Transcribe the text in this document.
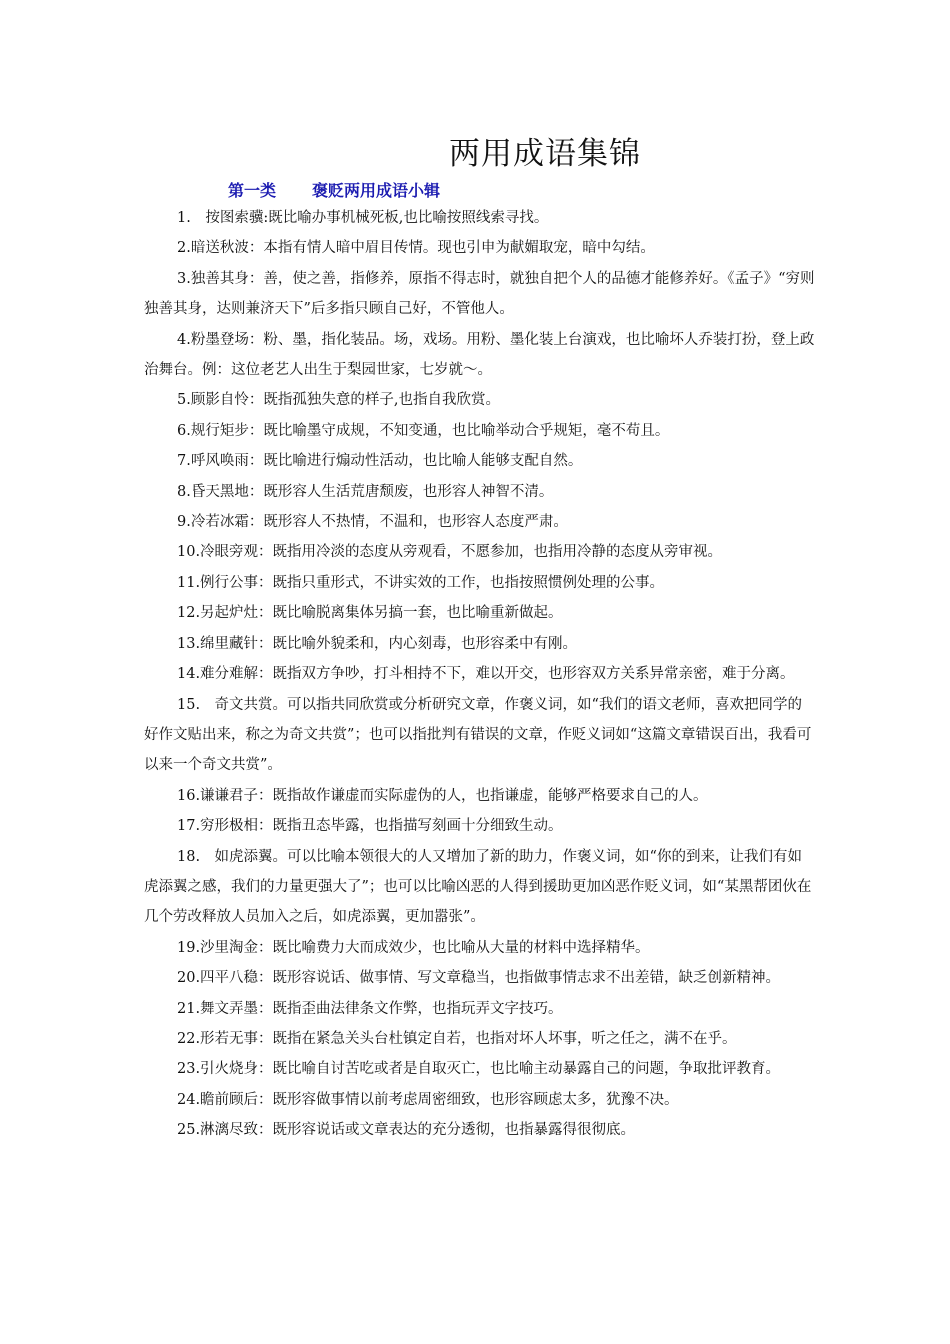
两用成语集锦
第一类 褒贬两用成语小辑

1.　按图索骥:既比喻办事机械死板,也比喻按照线索寻找。

2.暗送秋波：本指有情人暗中眉目传情。现也引申为献媚取宠，暗中勾结。

3.独善其身：善，使之善，指修养，原指不得志时，就独自把个人的品德才能修养好。《孟子》“穷则独善其身，达则兼济天下”后多指只顾自己好，不管他人。

4.粉墨登场：粉、墨，指化装品。场，戏场。用粉、墨化装上台演戏，也比喻坏人乔装打扮，登上政治舞台。例：这位老艺人出生于梨园世家，七岁就～。

5.顾影自怜：既指孤独失意的样子,也指自我欣赏。

6.规行矩步：既比喻墨守成规，不知变通，也比喻举动合乎规矩，毫不苟且。

7.呼风唤雨：既比喻进行煽动性活动，也比喻人能够支配自然。

8.昏天黑地：既形容人生活荒唐颓废，也形容人神智不清。

9.冷若冰霜：既形容人不热情，不温和，也形容人态度严肃。

10.冷眼旁观：既指用冷淡的态度从旁观看，不愿参加，也指用冷静的态度从旁审视。

11.例行公事：既指只重形式，不讲实效的工作，也指按照惯例处理的公事。

12.另起炉灶：既比喻脱离集体另搞一套，也比喻重新做起。

13.绵里藏针：既比喻外貌柔和，内心刻毒，也形容柔中有刚。

14.难分难解：既指双方争吵，打斗相持不下，难以开交，也形容双方关系异常亲密，难于分离。

15.　奇文共赏。可以指共同欣赏或分析研究文章，作褒义词，如“我们的语文老师，喜欢把同学的好作文贴出来，称之为奇文共赏”；也可以指批判有错误的文章，作贬义词如“这篇文章错误百出，我看可以来一个奇文共赏”。

16.谦谦君子：既指故作谦虚而实际虚伪的人，也指谦虚，能够严格要求自己的人。

17.穷形极相：既指丑态毕露，也指描写刻画十分细致生动。

18.　如虎添翼。可以比喻本领很大的人又增加了新的助力，作褒义词，如“你的到来，让我们有如虎添翼之感，我们的力量更强大了”；也可以比喻凶恶的人得到援助更加凶恶作贬义词，如“某黑帮团伙在几个劳改释放人员加入之后，如虎添翼，更加嚣张”。

19.沙里淘金：既比喻费力大而成效少，也比喻从大量的材料中选择精华。

20.四平八稳：既形容说话、做事情、写文章稳当，也指做事情志求不出差错，缺乏创新精神。

21.舞文弄墨：既指歪曲法律条文作弊，也指玩弄文字技巧。

22.形若无事：既指在紧急关头台杜镇定自若，也指对坏人坏事，听之任之，满不在乎。

23.引火烧身：既比喻自讨苦吃或者是自取灭亡，也比喻主动暴露自己的问题，争取批评教育。

24.瞻前顾后：既形容做事情以前考虑周密细致，也形容顾虑太多，犹豫不决。

25.淋漓尽致：既形容说话或文章表达的充分透彻，也指暴露得很彻底。
